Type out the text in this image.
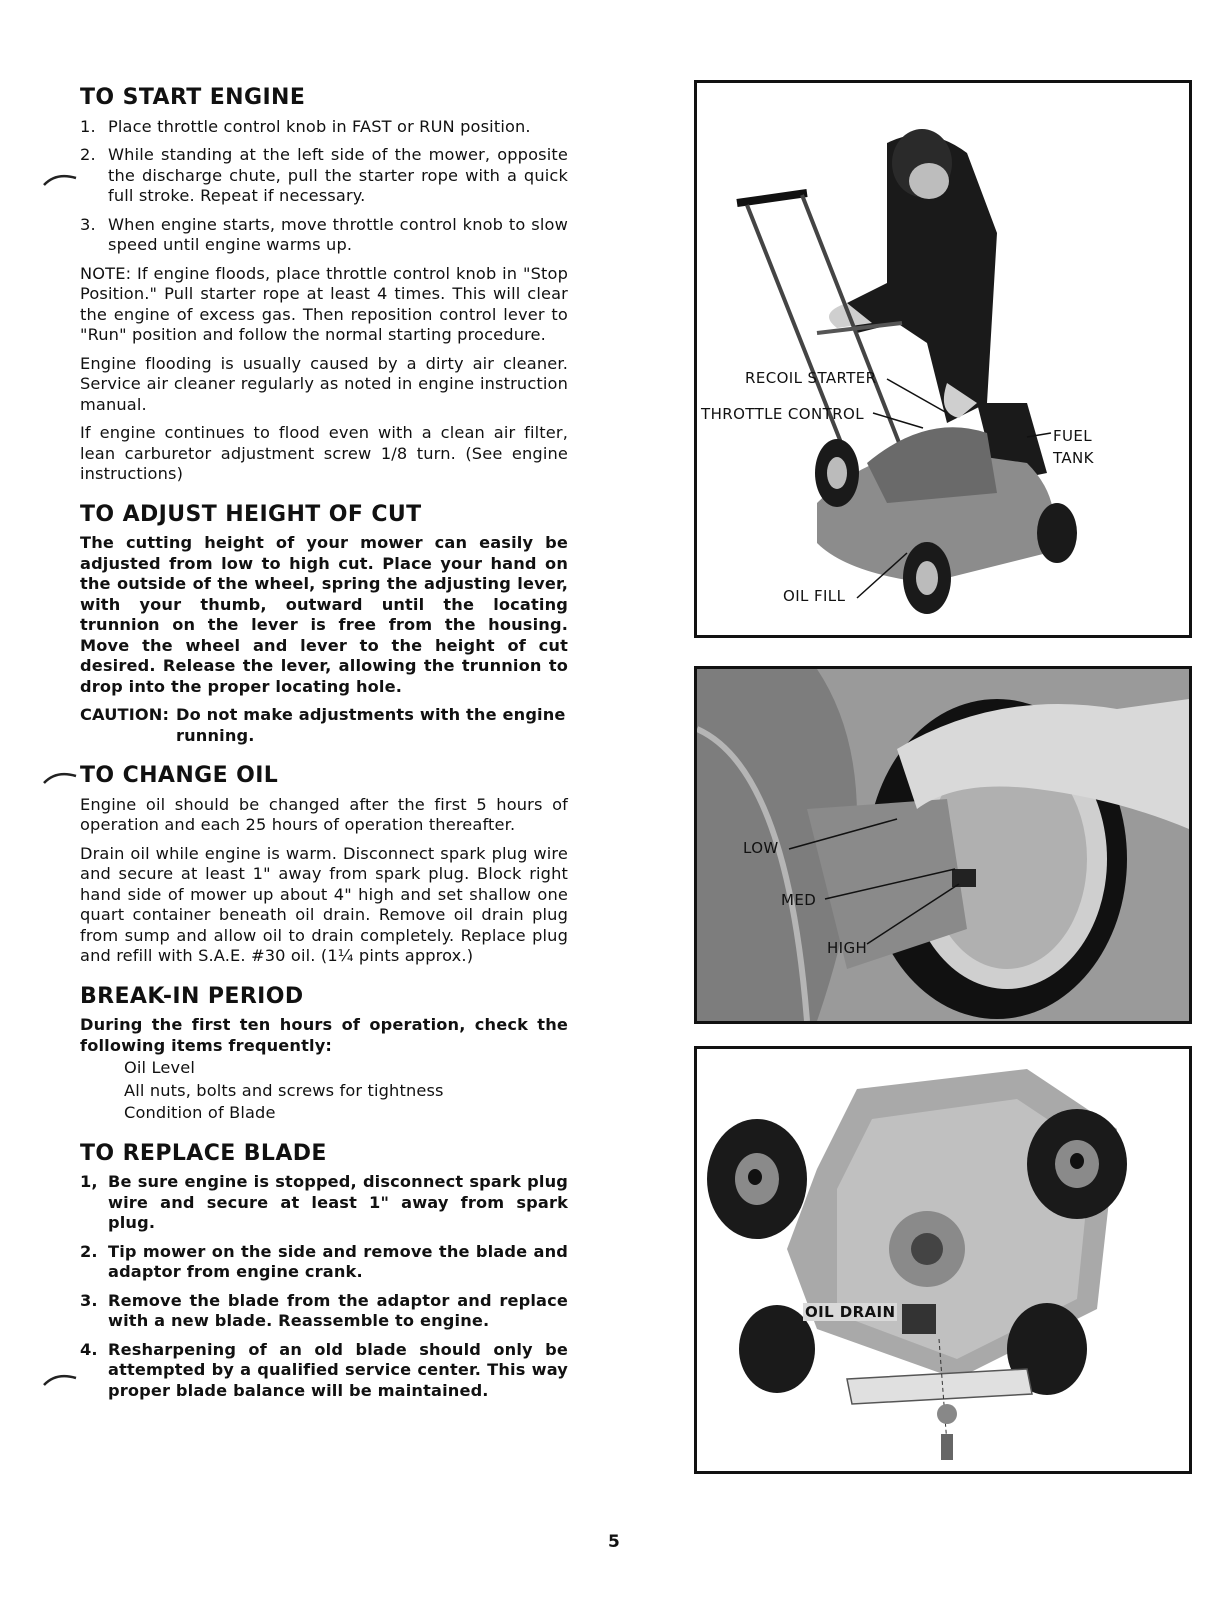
TO START ENGINE
1. Place throttle control knob in FAST or RUN position.
2. While standing at the left side of the mower, opposite the discharge chute, pull the starter rope with a quick full stroke. Repeat if necessary.
3. When engine starts, move throttle control knob to slow speed until engine warms up.

NOTE: If engine floods, place throttle control knob in "Stop Position." Pull starter rope at least 4 times. This will clear the engine of excess gas. Then reposition control lever to "Run" position and follow the normal starting procedure.

Engine flooding is usually caused by a dirty air cleaner. Service air cleaner regularly as noted in engine instruction manual.

If engine continues to flood even with a clean air filter, lean carburetor adjustment screw 1/8 turn. (See engine instructions)

TO ADJUST HEIGHT OF CUT

The cutting height of your mower can easily be adjusted from low to high cut. Place your hand on the outside of the wheel, spring the adjusting lever, with your thumb, outward until the locating trunnion on the lever is free from the housing. Move the wheel and lever to the height of cut desired. Release the lever, allowing the trunnion to drop into the proper locating hole.

CAUTION: Do not make adjustments with the engine running.
TO CHANGE OIL

Engine oil should be changed after the first 5 hours of operation and each 25 hours of operation thereafter.

Drain oil while engine is warm. Disconnect spark plug wire and secure at least 1" away from spark plug. Block right hand side of mower up about 4" high and set shallow one quart container beneath oil drain. Remove oil drain plug from sump and allow oil to drain completely. Replace plug and refill with S.A.E. #30 oil. (1¼ pints approx.)

BREAK-IN PERIOD

During the first ten hours of operation, check the following items frequently:

Oil Level
All nuts, bolts and screws for tightness
Condition of Blade
TO REPLACE BLADE
1, Be sure engine is stopped, disconnect spark plug wire and secure at least 1" away from spark plug.
2. Tip mower on the side and remove the blade and adaptor from engine crank.
3. Remove the blade from the adaptor and replace with a new blade. Reassemble to engine.
4. Resharpening of an old blade should only be attempted by a qualified service center. This way proper blade balance will be maintained.
RECOIL STARTER
THROTTLE CONTROL
FUEL
TANK
OIL FILL
LOW
MED
HIGH
OIL DRAIN
5
